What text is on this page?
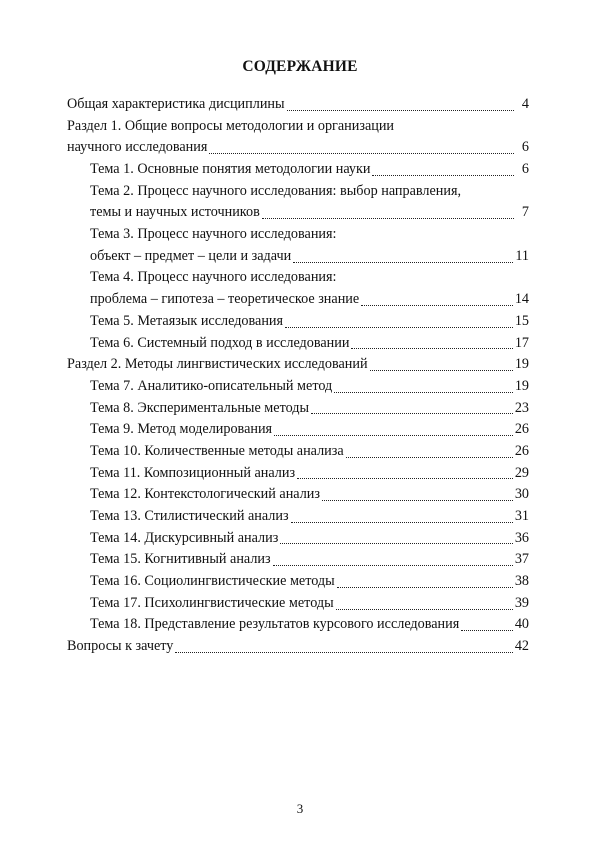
СОДЕРЖАНИЕ
Общая характеристика дисциплины	4
Раздел 1. Общие вопросы методологии и организации
научного исследования	6
Тема 1. Основные понятия методологии науки	6
Тема 2. Процесс научного исследования: выбор направления,
темы и научных источников	7
Тема 3. Процесс научного исследования:
объект – предмет – цели и задачи	11
Тема 4. Процесс научного исследования:
проблема – гипотеза – теоретическое знание	14
Тема 5. Метаязык исследования	15
Тема 6. Системный подход в исследовании	17
Раздел 2. Методы лингвистических исследований	19
Тема 7. Аналитико-описательный метод	19
Тема 8. Экспериментальные методы	23
Тема 9. Метод моделирования	26
Тема 10. Количественные методы анализа	26
Тема 11. Композиционный анализ	29
Тема 12. Контекстологический анализ	30
Тема 13. Стилистический анализ	31
Тема 14. Дискурсивный анализ	36
Тема 15. Когнитивный анализ	37
Тема 16. Социолингвистические методы	38
Тема 17. Психолингвистические методы	39
Тема 18. Представление результатов курсового исследования	40
Вопросы к зачету	42
3
